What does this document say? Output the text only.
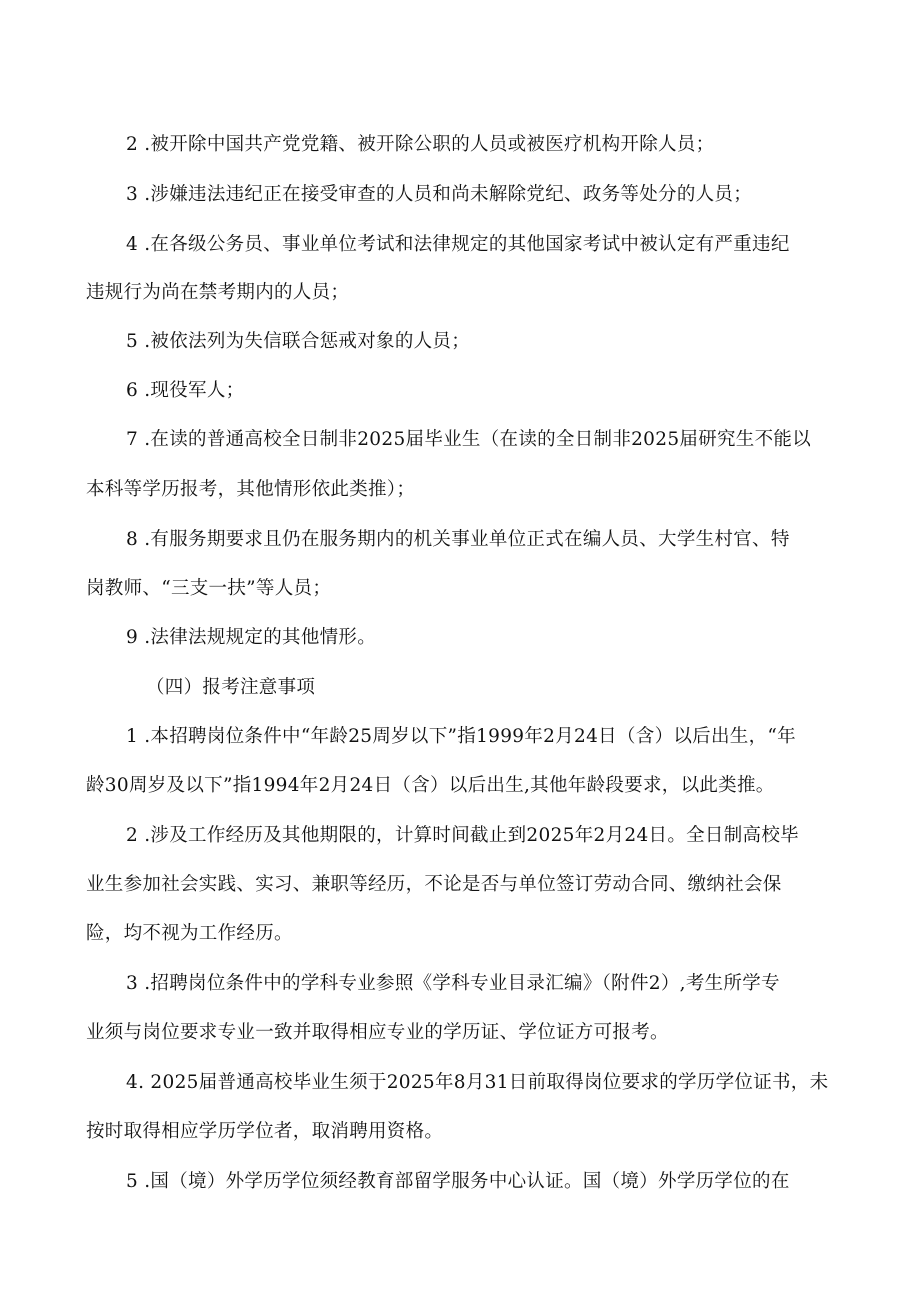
2 .被开除中国共产党党籍、被开除公职的人员或被医疗机构开除人员；
3 .涉嫌违法违纪正在接受审查的人员和尚未解除党纪、政务等处分的人员；
4 .在各级公务员、事业单位考试和法律规定的其他国家考试中被认定有严重违纪
违规行为尚在禁考期内的人员；
5 .被依法列为失信联合惩戒对象的人员；
6 .现役军人；
7 .在读的普通高校全日制非2025届毕业生（在读的全日制非2025届研究生不能以
本科等学历报考，其他情形依此类推）；
8 .有服务期要求且仍在服务期内的机关事业单位正式在编人员、大学生村官、特
岗教师、“三支一扶”等人员；
9 .法律法规规定的其他情形。
（四）报考注意事项
1 .本招聘岗位条件中“年龄25周岁以下”指1999年2月24日（含）以后出生，“年
龄30周岁及以下”指1994年2月24日（含）以后出生,其他年龄段要求，以此类推。
2 .涉及工作经历及其他期限的，计算时间截止到2025年2月24日。全日制高校毕
业生参加社会实践、实习、兼职等经历，不论是否与单位签订劳动合同、缴纳社会保
险，均不视为工作经历。
3 .招聘岗位条件中的学科专业参照《学科专业目录汇编》（附件2）,考生所学专
业须与岗位要求专业一致并取得相应专业的学历证、学位证方可报考。
4. 2025届普通高校毕业生须于2025年8月31日前取得岗位要求的学历学位证书，未
按时取得相应学历学位者，取消聘用资格。
5 .国（境）外学历学位须经教育部留学服务中心认证。国（境）外学历学位的在
